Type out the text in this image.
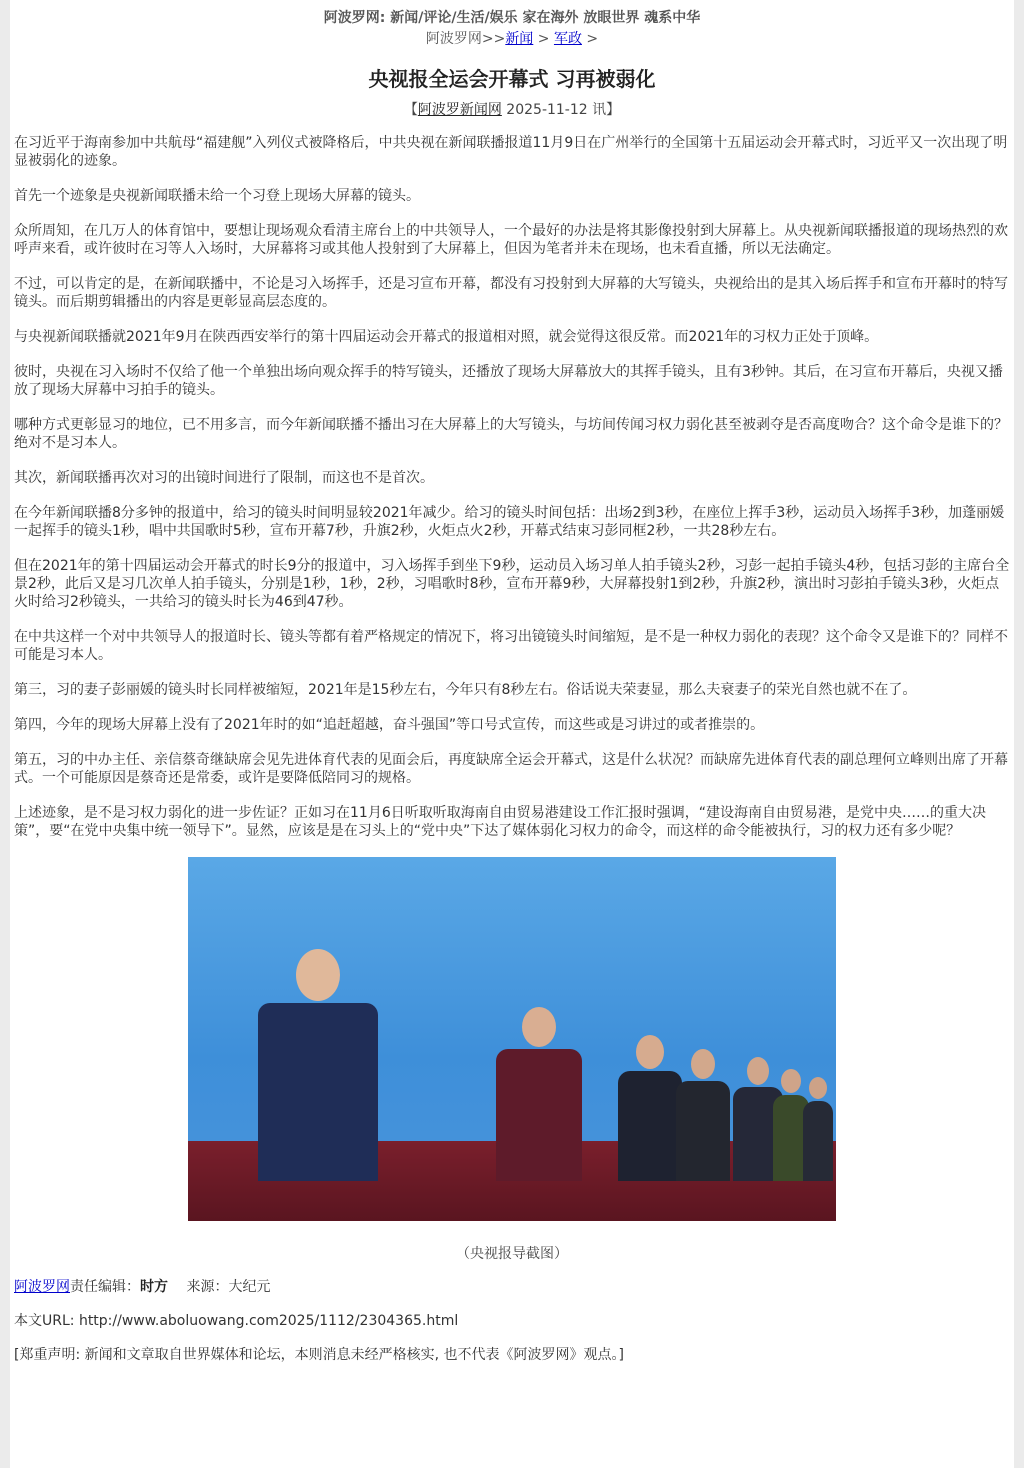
阿波罗网: 新闻/评论/生活/娱乐 家在海外 放眼世界 魂系中华
阿波罗网>>新闻 > 军政 >
央视报全运会开幕式 习再被弱化
【阿波罗新闻网 2025-11-12 讯】

在习近平于海南参加中共航母“福建舰”入列仪式被降格后，中共央视在新闻联播报道11月9日在广州举行的全国第十五届运动会开幕式时，习近平又一次出现了明显被弱化的迹象。

首先一个迹象是央视新闻联播未给一个习登上现场大屏幕的镜头。

众所周知，在几万人的体育馆中，要想让现场观众看清主席台上的中共领导人，一个最好的办法是将其影像投射到大屏幕上。从央视新闻联播报道的现场热烈的欢呼声来看，或许彼时在习等人入场时，大屏幕将习或其他人投射到了大屏幕上，但因为笔者并未在现场，也未看直播，所以无法确定。

不过，可以肯定的是，在新闻联播中，不论是习入场挥手，还是习宣布开幕，都没有习投射到大屏幕的大写镜头，央视给出的是其入场后挥手和宣布开幕时的特写镜头。而后期剪辑播出的内容是更彰显高层态度的。

与央视新闻联播就2021年9月在陕西西安举行的第十四届运动会开幕式的报道相对照，就会觉得这很反常。而2021年的习权力正处于顶峰。

彼时，央视在习入场时不仅给了他一个单独出场向观众挥手的特写镜头，还播放了现场大屏幕放大的其挥手镜头，且有3秒钟。其后，在习宣布开幕后，央视又播放了现场大屏幕中习拍手的镜头。

哪种方式更彰显习的地位，已不用多言，而今年新闻联播不播出习在大屏幕上的大写镜头，与坊间传闻习权力弱化甚至被剥夺是否高度吻合？这个命令是谁下的？绝对不是习本人。

其次，新闻联播再次对习的出镜时间进行了限制，而这也不是首次。

在今年新闻联播8分多钟的报道中，给习的镜头时间明显较2021年减少。给习的镜头时间包括：出场2到3秒，在座位上挥手3秒，运动员入场挥手3秒，加蓬丽媛一起挥手的镜头1秒，唱中共国歌时5秒，宣布开幕7秒，升旗2秒，火炬点火2秒，开幕式结束习彭同框2秒，一共28秒左右。

但在2021年的第十四届运动会开幕式的时长9分的报道中，习入场挥手到坐下9秒，运动员入场习单人拍手镜头2秒，习彭一起拍手镜头4秒，包括习彭的主席台全景2秒，此后又是习几次单人拍手镜头，分别是1秒，1秒，2秒，习唱歌时8秒，宣布开幕9秒，大屏幕投射1到2秒，升旗2秒，演出时习彭拍手镜头3秒，火炬点火时给习2秒镜头，一共给习的镜头时长为46到47秒。

在中共这样一个对中共领导人的报道时长、镜头等都有着严格规定的情况下，将习出镜镜头时间缩短，是不是一种权力弱化的表现？这个命令又是谁下的？同样不可能是习本人。

第三，习的妻子彭丽媛的镜头时长同样被缩短，2021年是15秒左右，今年只有8秒左右。俗话说夫荣妻显，那么夫衰妻子的荣光自然也就不在了。

第四，今年的现场大屏幕上没有了2021年时的如“追赶超越，奋斗强国”等口号式宣传，而这些或是习讲过的或者推崇的。

第五，习的中办主任、亲信蔡奇继缺席会见先进体育代表的见面会后，再度缺席全运会开幕式，这是什么状况？而缺席先进体育代表的副总理何立峰则出席了开幕式。一个可能原因是蔡奇还是常委，或许是要降低陪同习的规格。

上述迹象，是不是习权力弱化的进一步佐证？正如习在11月6日听取听取海南自由贸易港建设工作汇报时强调，“建设海南自由贸易港，是党中央……的重大决策”，要“在党中央集中统一领导下”。显然，应该是是在习头上的“党中央”下达了媒体弱化习权力的命令，而这样的命令能被执行，习的权力还有多少呢？

（央视报导截图）
阿波罗网责任编辑：时方　 来源：大纪元
本文URL: http://www.aboluowang.com2025/1112/2304365.html
[郑重声明: 新闻和文章取自世界媒体和论坛，本则消息未经严格核实, 也不代表《阿波罗网》观点。]
